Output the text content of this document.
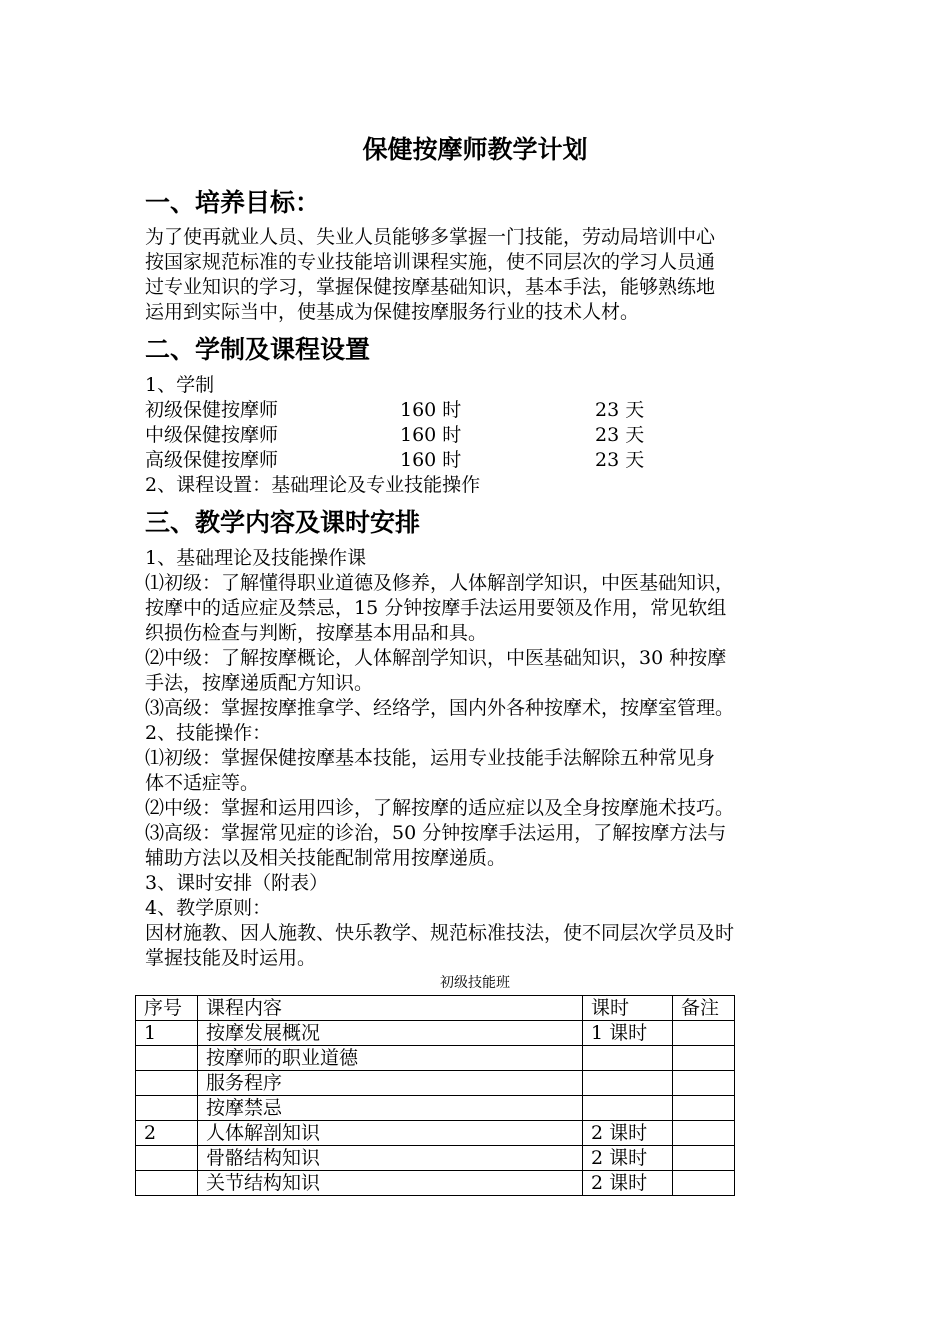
保健按摩师教学计划
一、培养目标：
为了使再就业人员、失业人员能够多掌握一门技能，劳动局培训中心
按国家规范标准的专业技能培训课程实施，使不同层次的学习人员通
过专业知识的学习，掌握保健按摩基础知识，基本手法，能够熟练地
运用到实际当中，使基成为保健按摩服务行业的技术人材。
二、学制及课程设置
1、学制
初级保健按摩师	160 时	23 天
中级保健按摩师	160 时	23 天
高级保健按摩师	160 时	23 天
2、课程设置：基础理论及专业技能操作
三、教学内容及课时安排
1、基础理论及技能操作课
⑴初级：了解懂得职业道德及修养，人体解剖学知识，中医基础知识，
按摩中的适应症及禁忌，15 分钟按摩手法运用要领及作用，常见软组
织损伤检查与判断，按摩基本用品和具。
⑵中级：了解按摩概论，人体解剖学知识，中医基础知识，30 种按摩
手法，按摩递质配方知识。
⑶高级：掌握按摩推拿学、经络学，国内外各种按摩术，按摩室管理。
2、技能操作：
⑴初级：掌握保健按摩基本技能，运用专业技能手法解除五种常见身
体不适症等。
⑵中级：掌握和运用四诊，了解按摩的适应症以及全身按摩施术技巧。
⑶高级：掌握常见症的诊治，50 分钟按摩手法运用，了解按摩方法与
辅助方法以及相关技能配制常用按摩递质。
3、课时安排（附表）
4、教学原则：
因材施教、因人施教、快乐教学、规范标准技法，使不同层次学员及时
掌握技能及时运用。
初级技能班
序号	课程内容	课时	备注
1	按摩发展概况	1 课时	
	按摩师的职业道德		
	服务程序		
	按摩禁忌		
2	人体解剖知识	2 课时	
	骨骼结构知识	2 课时	
	关节结构知识	2 课时	
